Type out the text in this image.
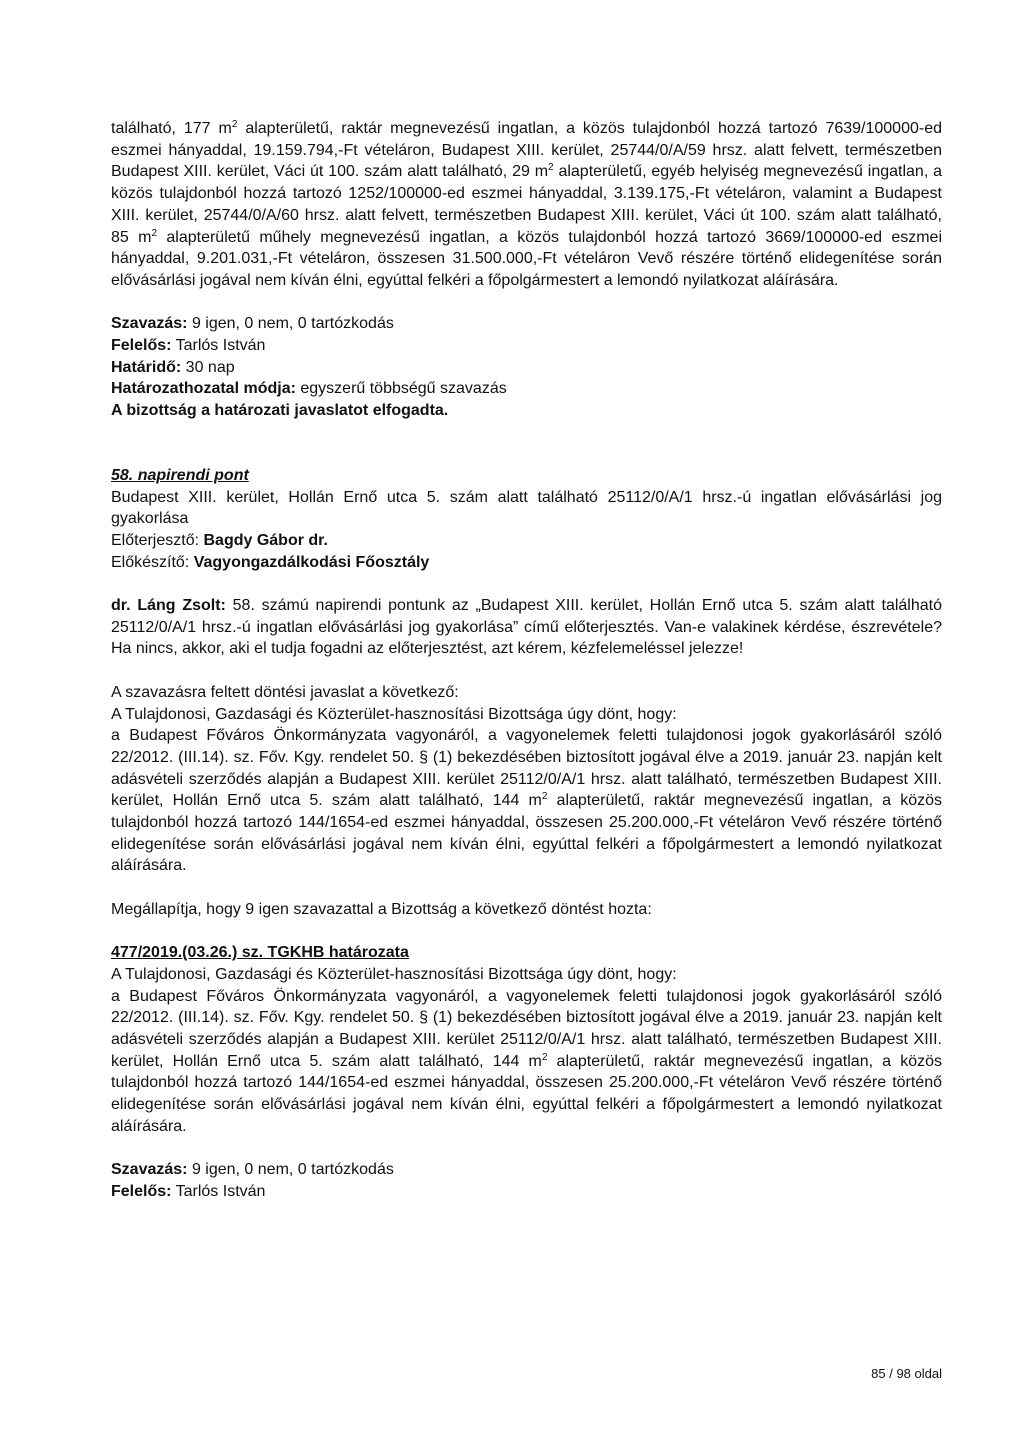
található, 177 $m^2$ alapterületű, raktár megnevezésű ingatlan, a közös tulajdonból hozzá tartozó 7639/100000-ed eszmei hányaddal, 19.159.794,-Ft vételáron, Budapest XIII. kerület, 25744/0/A/59 hrsz. alatt felvett, természetben Budapest XIII. kerület, Váci út 100. szám alatt található, 29 $m^2$ alapterületű, egyéb helyiség megnevezésű ingatlan, a közös tulajdonból hozzá tartozó 1252/100000-ed eszmei hányaddal, 3.139.175,-Ft vételáron, valamint a Budapest XIII. kerület, 25744/0/A/60 hrsz. alatt felvett, természetben Budapest XIII. kerület, Váci út 100. szám alatt található, 85 $m^2$ alapterületű műhely megnevezésű ingatlan, a közös tulajdonból hozzá tartozó 3669/100000-ed eszmei hányaddal, 9.201.031,-Ft vételáron, összesen 31.500.000,-Ft vételáron Vevő részére történő elidegenítése során elővásárlási jogával nem kíván élni, egyúttal felkéri a főpolgármestert a lemondó nyilatkozat aláírására.

Szavazás: 9 igen, 0 nem, 0 tartózkodás

Felelős: Tarlós István

Határidő: 30 nap

Határozathozatal módja: egyszerű többségű szavazás

A bizottság a határozati javaslatot elfogadta.

58. napirendi pont

Budapest XIII. kerület, Hollán Ernő utca 5. szám alatt található 25112/0/A/1 hrsz.-ú ingatlan elővásárlási jog gyakorlása

Előterjesztő: Bagdy Gábor dr.

Előkészítő: Vagyongazdálkodási Főosztály

dr. Láng Zsolt: 58. számú napirendi pontunk az „Budapest XIII. kerület, Hollán Ernő utca 5. szám alatt található 25112/0/A/1 hrsz.-ú ingatlan elővásárlási jog gyakorlása” című előterjesztés. Van-e valakinek kérdése, észrevétele? Ha nincs, akkor, aki el tudja fogadni az előterjesztést, azt kérem, kézfelemeléssel jelezze!

A szavazásra feltett döntési javaslat a következő:

A Tulajdonosi, Gazdasági és Közterület-hasznosítási Bizottsága úgy dönt, hogy:

a Budapest Főváros Önkormányzata vagyonáról, a vagyonelemek feletti tulajdonosi jogok gyakorlásáról szóló 22/2012. (III.14). sz. Főv. Kgy. rendelet 50. § (1) bekezdésében biztosított jogával élve a 2019. január 23. napján kelt adásvételi szerződés alapján a Budapest XIII. kerület 25112/0/A/1 hrsz. alatt található, természetben Budapest XIII. kerület, Hollán Ernő utca 5. szám alatt található, 144 $m^2$ alapterületű, raktár megnevezésű ingatlan, a közös tulajdonból hozzá tartozó 144/1654-ed eszmei hányaddal, összesen 25.200.000,-Ft vételáron Vevő részére történő elidegenítése során elővásárlási jogával nem kíván élni, egyúttal felkéri a főpolgármestert a lemondó nyilatkozat aláírására.

Megállapítja, hogy 9 igen szavazattal a Bizottság a következő döntést hozta:

477/2019.(03.26.) sz. TGKHB határozata

A Tulajdonosi, Gazdasági és Közterület-hasznosítási Bizottsága úgy dönt, hogy:

a Budapest Főváros Önkormányzata vagyonáról, a vagyonelemek feletti tulajdonosi jogok gyakorlásáról szóló 22/2012. (III.14). sz. Főv. Kgy. rendelet 50. § (1) bekezdésében biztosított jogával élve a 2019. január 23. napján kelt adásvételi szerződés alapján a Budapest XIII. kerület 25112/0/A/1 hrsz. alatt található, természetben Budapest XIII. kerület, Hollán Ernő utca 5. szám alatt található, 144 $m^2$ alapterületű, raktár megnevezésű ingatlan, a közös tulajdonból hozzá tartozó 144/1654-ed eszmei hányaddal, összesen 25.200.000,-Ft vételáron Vevő részére történő elidegenítése során elővásárlási jogával nem kíván élni, egyúttal felkéri a főpolgármestert a lemondó nyilatkozat aláírására.

Szavazás: 9 igen, 0 nem, 0 tartózkodás

Felelős: Tarlós István

85 / 98 oldal
